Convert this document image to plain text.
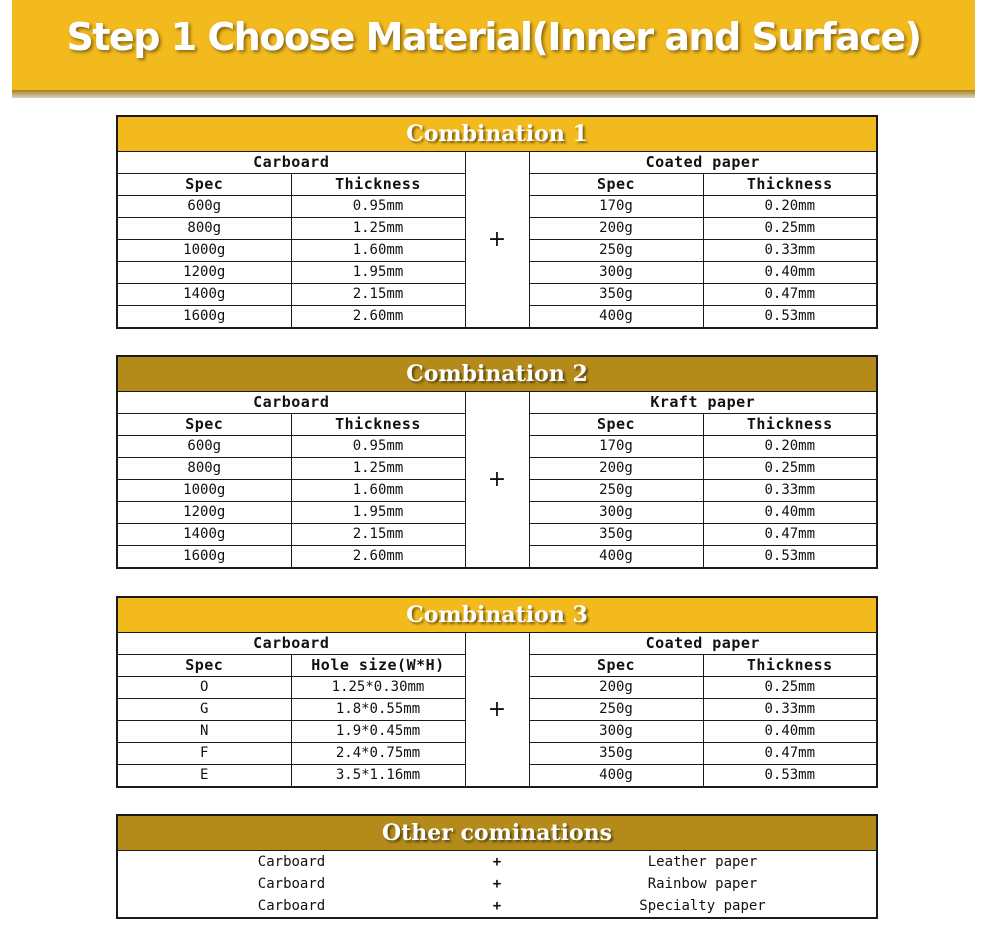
Step 1 Choose Material(Inner and Surface)
Combination 1				
Carboard		+	Coated paper	
Spec	Thickness		Spec	Thickness
600g	0.95mm		170g	0.20mm
800g	1.25mm		200g	0.25mm
1000g	1.60mm		250g	0.33mm
1200g	1.95mm		300g	0.40mm
1400g	2.15mm		350g	0.47mm
1600g	2.60mm		400g	0.53mm
Combination 2				
Carboard		+	Kraft paper	
Spec	Thickness		Spec	Thickness
600g	0.95mm		170g	0.20mm
800g	1.25mm		200g	0.25mm
1000g	1.60mm		250g	0.33mm
1200g	1.95mm		300g	0.40mm
1400g	2.15mm		350g	0.47mm
1600g	2.60mm		400g	0.53mm
Combination 3				
Carboard		+	Coated paper	
Spec	Hole size(W*H)		Spec	Thickness
O	1.25*0.30mm		200g	0.25mm
G	1.8*0.55mm		250g	0.33mm
N	1.9*0.45mm		300g	0.40mm
F	2.4*0.75mm		350g	0.47mm
E	3.5*1.16mm		400g	0.53mm
Other cominations		
Carboard	+	Leather paper
Carboard	+	Rainbow paper
Carboard	+	Specialty paper
